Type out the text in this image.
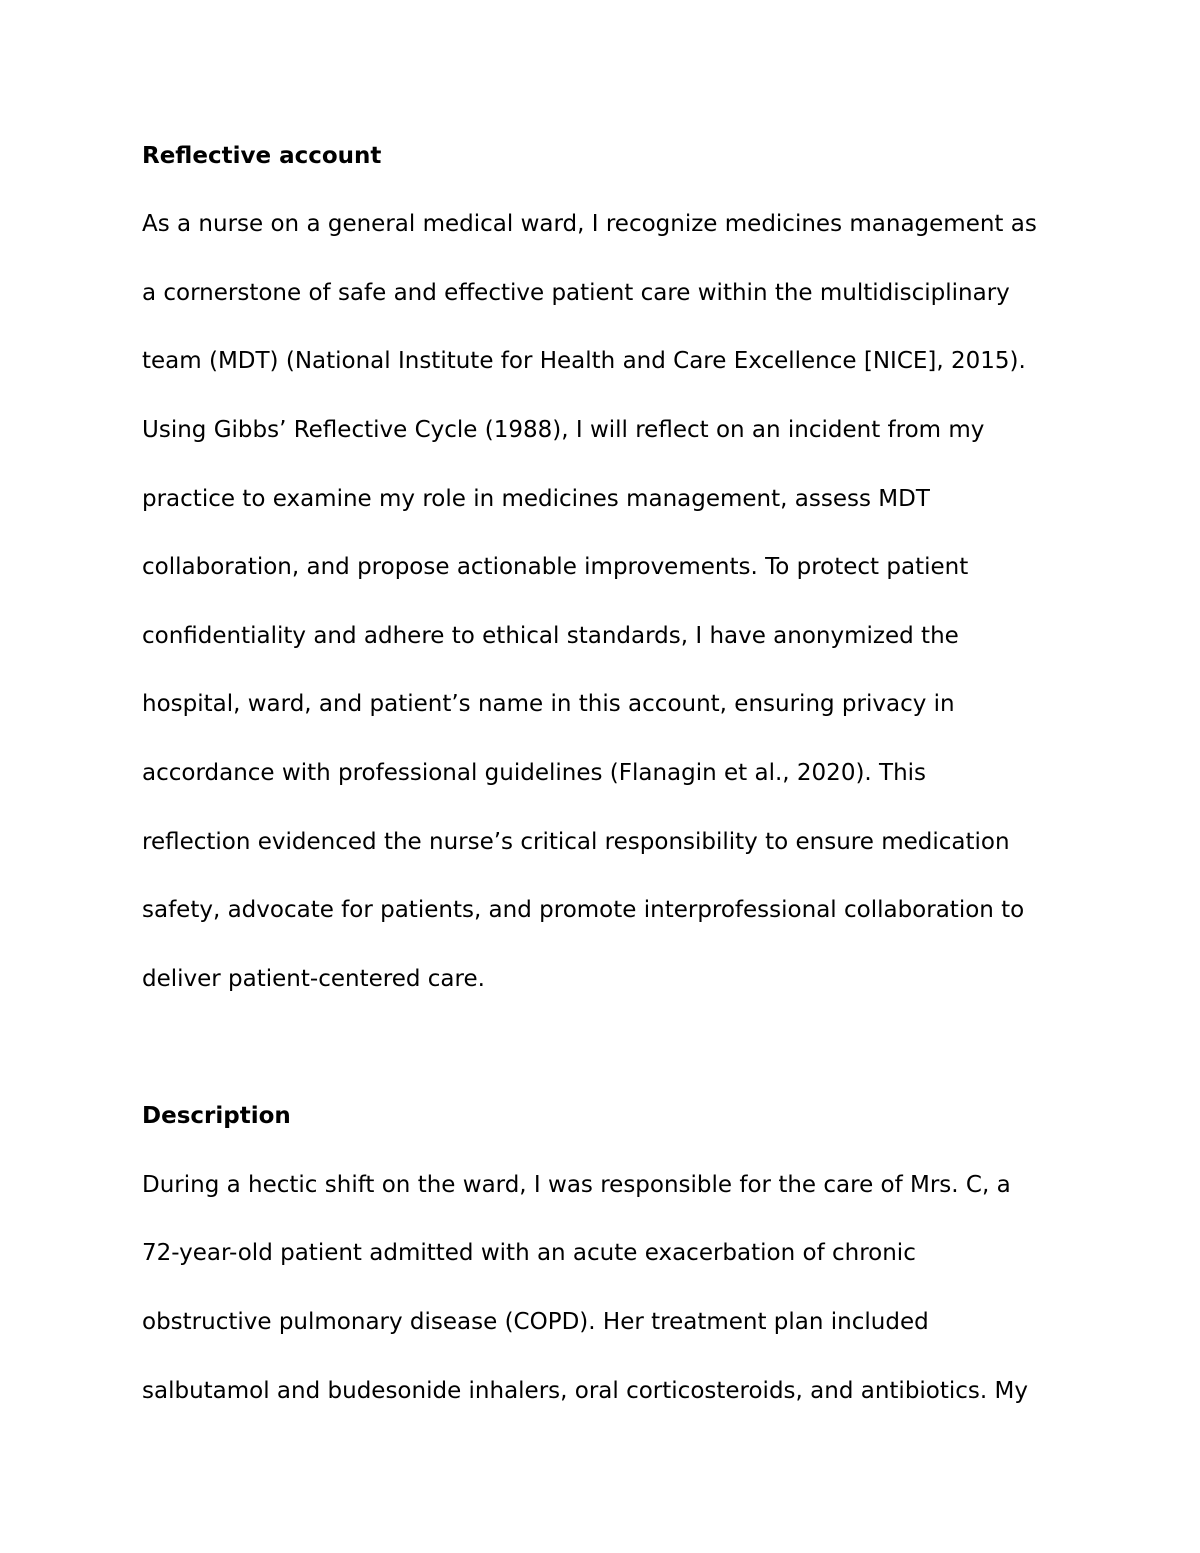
Reflective account
As a nurse on a general medical ward, I recognize medicines management as
a cornerstone of safe and effective patient care within the multidisciplinary
team (MDT) (National Institute for Health and Care Excellence [NICE], 2015).
Using Gibbs’ Reflective Cycle (1988), I will reflect on an incident from my
practice to examine my role in medicines management, assess MDT
collaboration, and propose actionable improvements. To protect patient
confidentiality and adhere to ethical standards, I have anonymized the
hospital, ward, and patient’s name in this account, ensuring privacy in
accordance with professional guidelines (Flanagin et al., 2020). This
reflection evidenced the nurse’s critical responsibility to ensure medication
safety, advocate for patients, and promote interprofessional collaboration to
deliver patient-centered care.
Description
During a hectic shift on the ward, I was responsible for the care of Mrs. C, a
72-year-old patient admitted with an acute exacerbation of chronic
obstructive pulmonary disease (COPD). Her treatment plan included
salbutamol and budesonide inhalers, oral corticosteroids, and antibiotics. My
